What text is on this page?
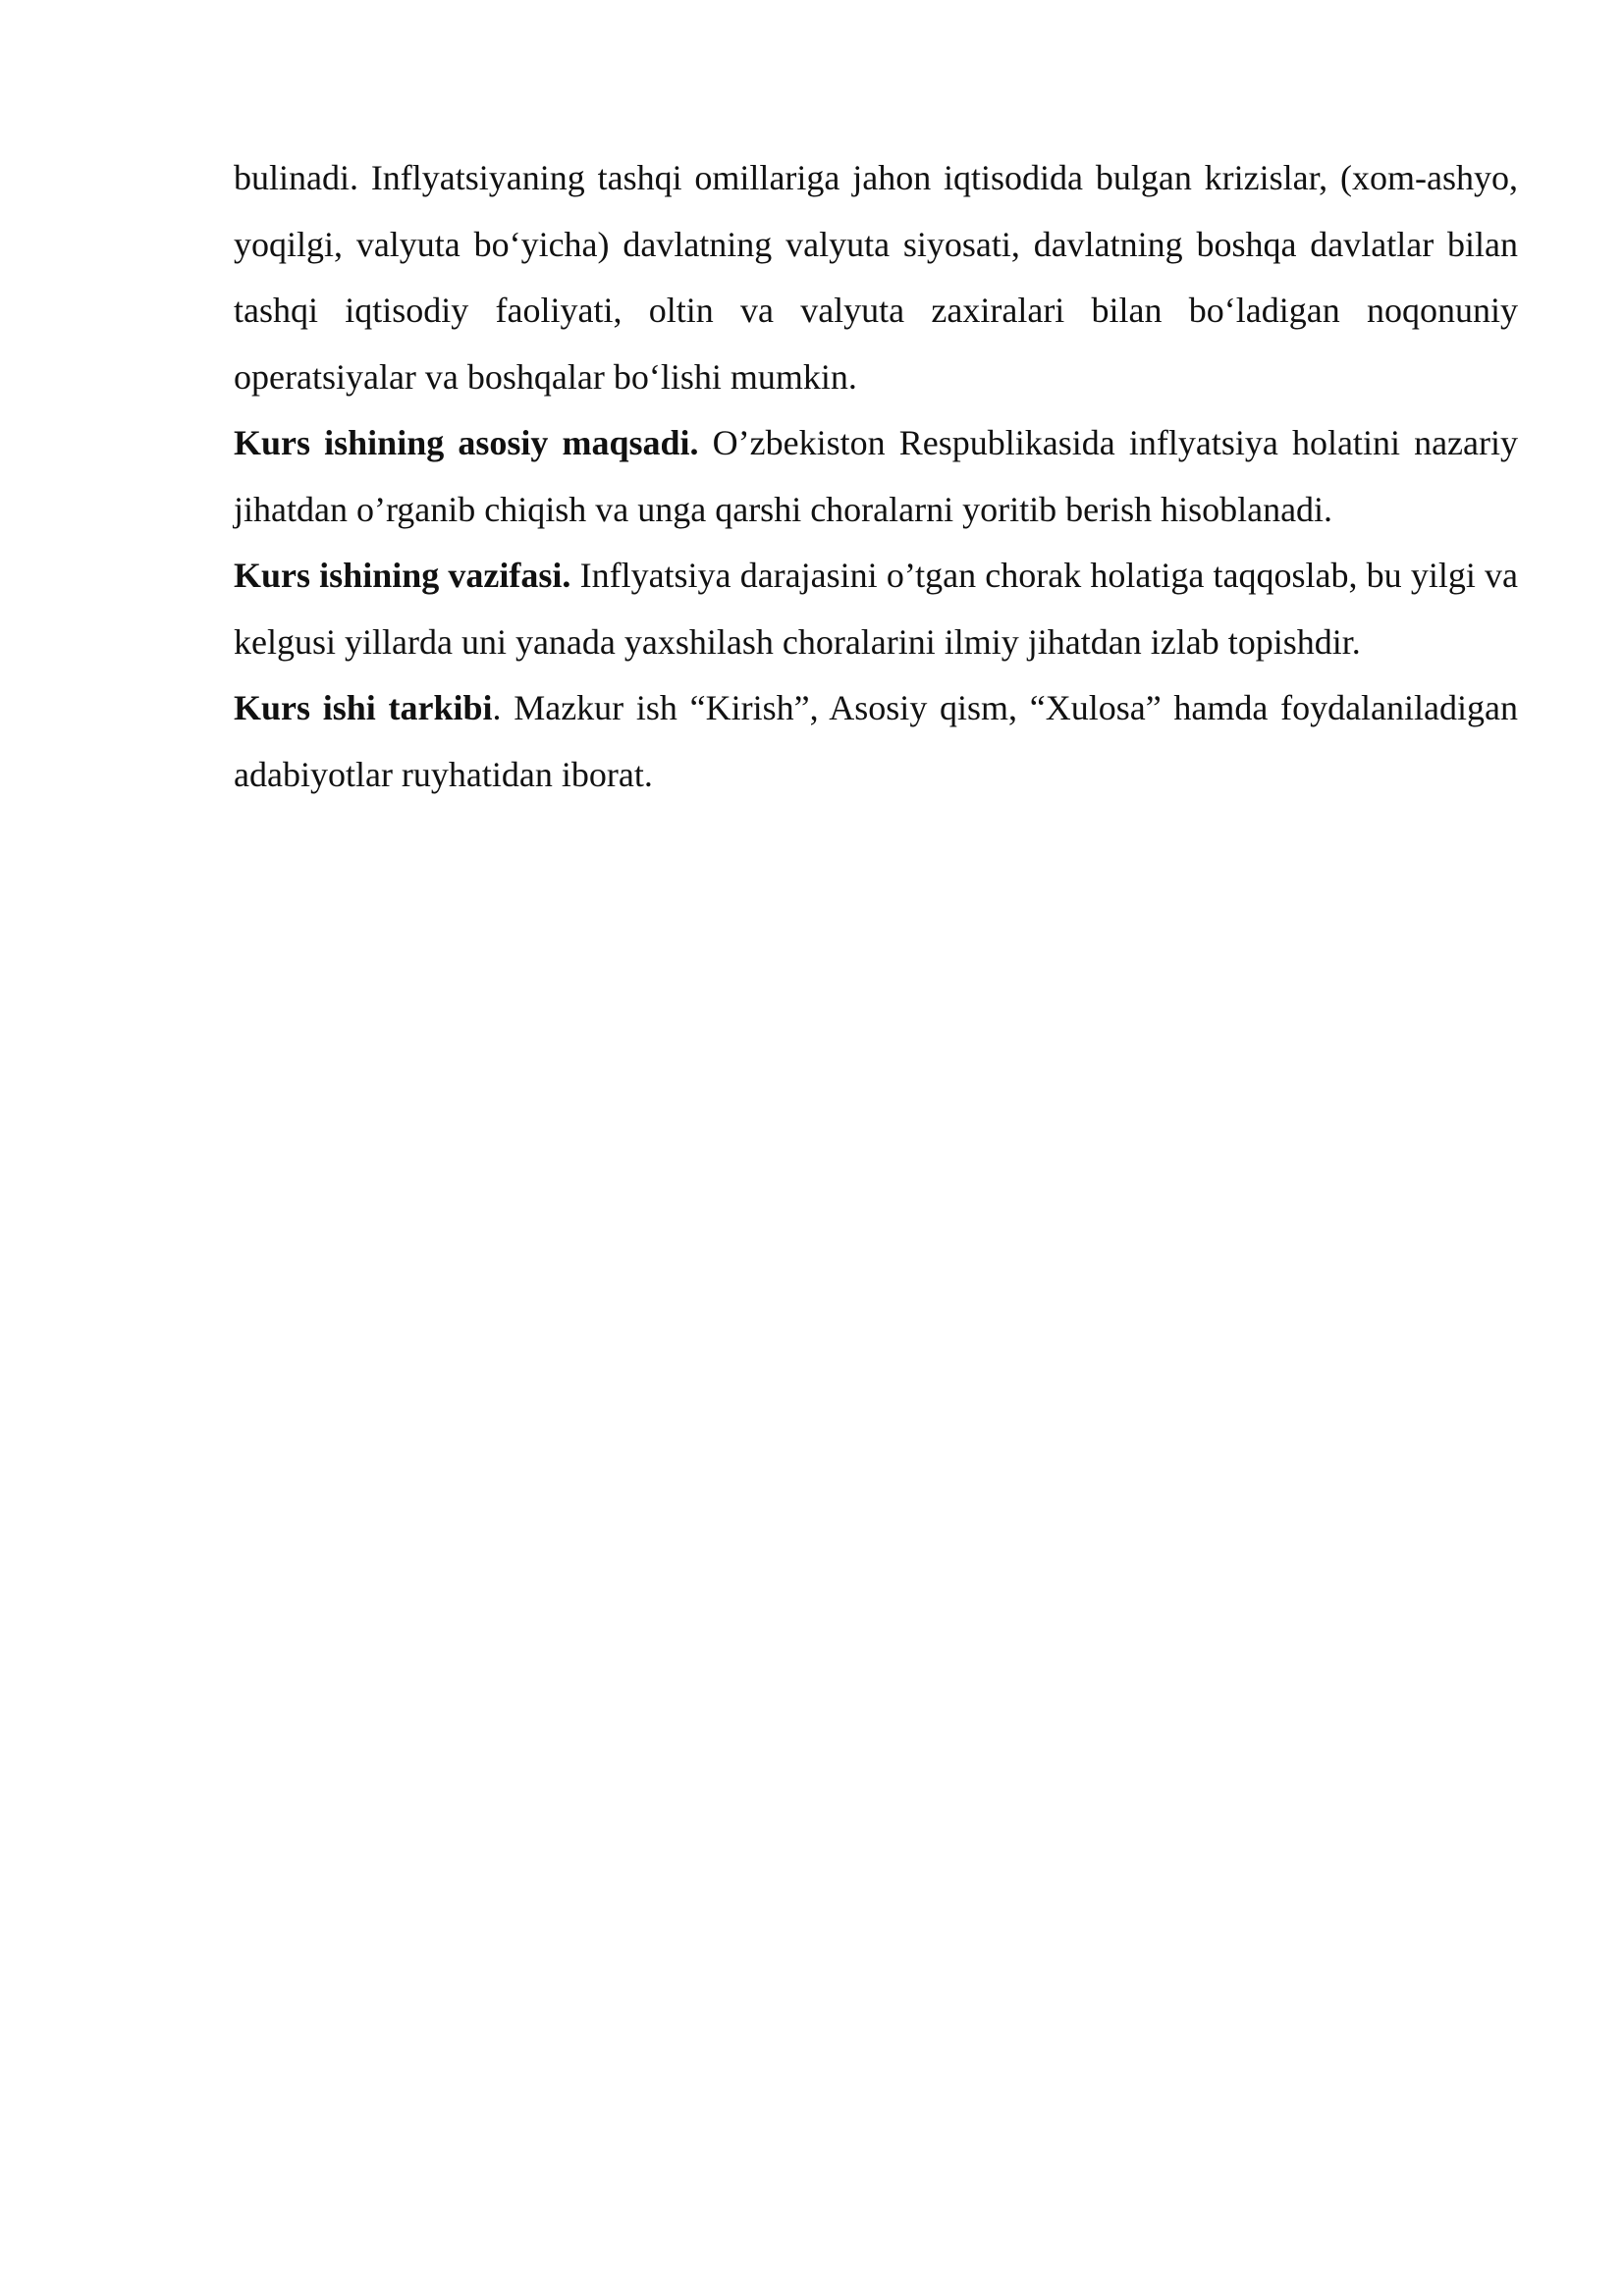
bulinadi. Inflyatsiyaning tashqi omillariga jahon iqtisodida bulgan krizislar, (xom-ashyo, yoqilgi, valyuta bo‘yicha) davlatning valyuta siyosati, davlatning boshqa davlatlar bilan tashqi iqtisodiy faoliyati, oltin va valyuta zaxiralari bilan bo‘ladigan noqonuniy operatsiyalar va boshqalar bo‘lishi mumkin.

Kurs ishining asosiy maqsadi. O’zbekiston Respublikasida inflyatsiya holatini nazariy jihatdan o’rganib chiqish va unga qarshi choralarni yoritib berish hisoblanadi.

Kurs ishining vazifasi. Inflyatsiya darajasini o’tgan chorak holatiga taqqoslab, bu yilgi va kelgusi yillarda uni yanada yaxshilash choralarini ilmiy jihatdan izlab topishdir.

Kurs ishi tarkibi. Mazkur ish “Kirish”, Asosiy qism, “Xulosa” hamda foydalaniladigan adabiyotlar ruyhatidan iborat.
